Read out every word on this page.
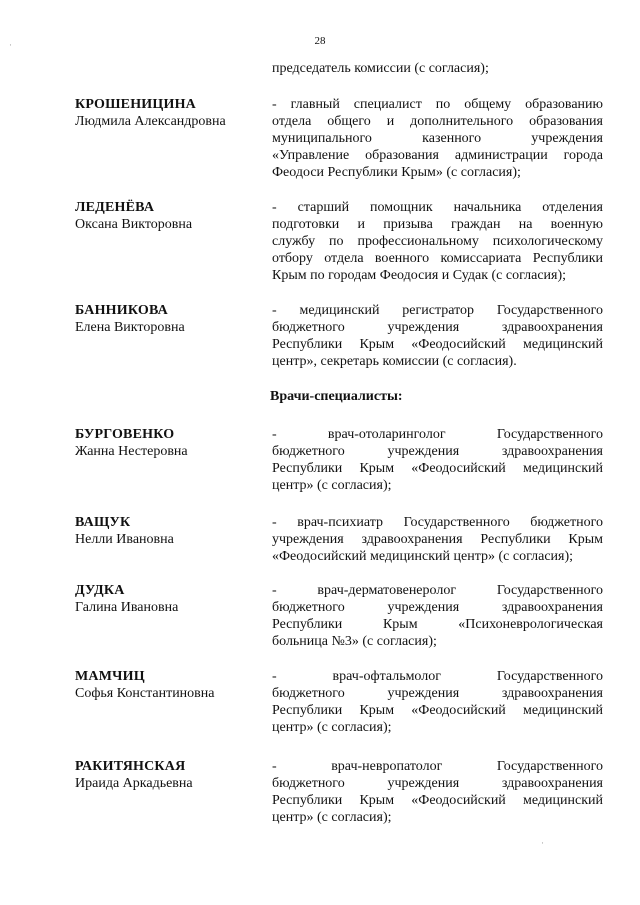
28
председатель комиссии (с согласия);
Врачи-специалисты:
КРОШЕНИЦИНА
Людмила Александровна
- главный специалист по общему образованию
отдела общего и дополнительного образования
муниципального казенного учреждения
«Управление образования администрации города
Феодоси Республики Крым» (с согласия);
ЛЕДЕНЁВА
Оксана Викторовна
- старший помощник начальника отделения
подготовки и призыва граждан на военную
службу по профессиональному психологическому
отбору отдела военного комиссариата Республики
Крым по городам Феодосия и Судак (с согласия);
БАННИКОВА
Елена Викторовна
- медицинский регистратор Государственного
бюджетного учреждения здравоохранения
Республики Крым «Феодосийский медицинский
центр», секретарь комиссии (с согласия).
БУРГОВЕНКО
Жанна Нестеровна
- врач-отоларинголог Государственного
бюджетного учреждения здравоохранения
Республики Крым «Феодосийский медицинский
центр» (с согласия);
ВАЩУК
Нелли Ивановна
- врач-психиатр Государственного бюджетного
учреждения здравоохранения Республики Крым
«Феодосийский медицинский центр» (с согласия);
ДУДКА
Галина Ивановна
- врач-дерматовенеролог Государственного
бюджетного учреждения здравоохранения
Республики Крым «Психоневрологическая
больница №3» (с согласия);
МАМЧИЦ
Софья Константиновна
- врач-офтальмолог Государственного
бюджетного учреждения здравоохранения
Республики Крым «Феодосийский медицинский
центр» (с согласия);
РАКИТЯНСКАЯ
Ираида Аркадьевна
- врач-невропатолог Государственного
бюджетного учреждения здравоохранения
Республики Крым «Феодосийский медицинский
центр» (с согласия);
·
·
